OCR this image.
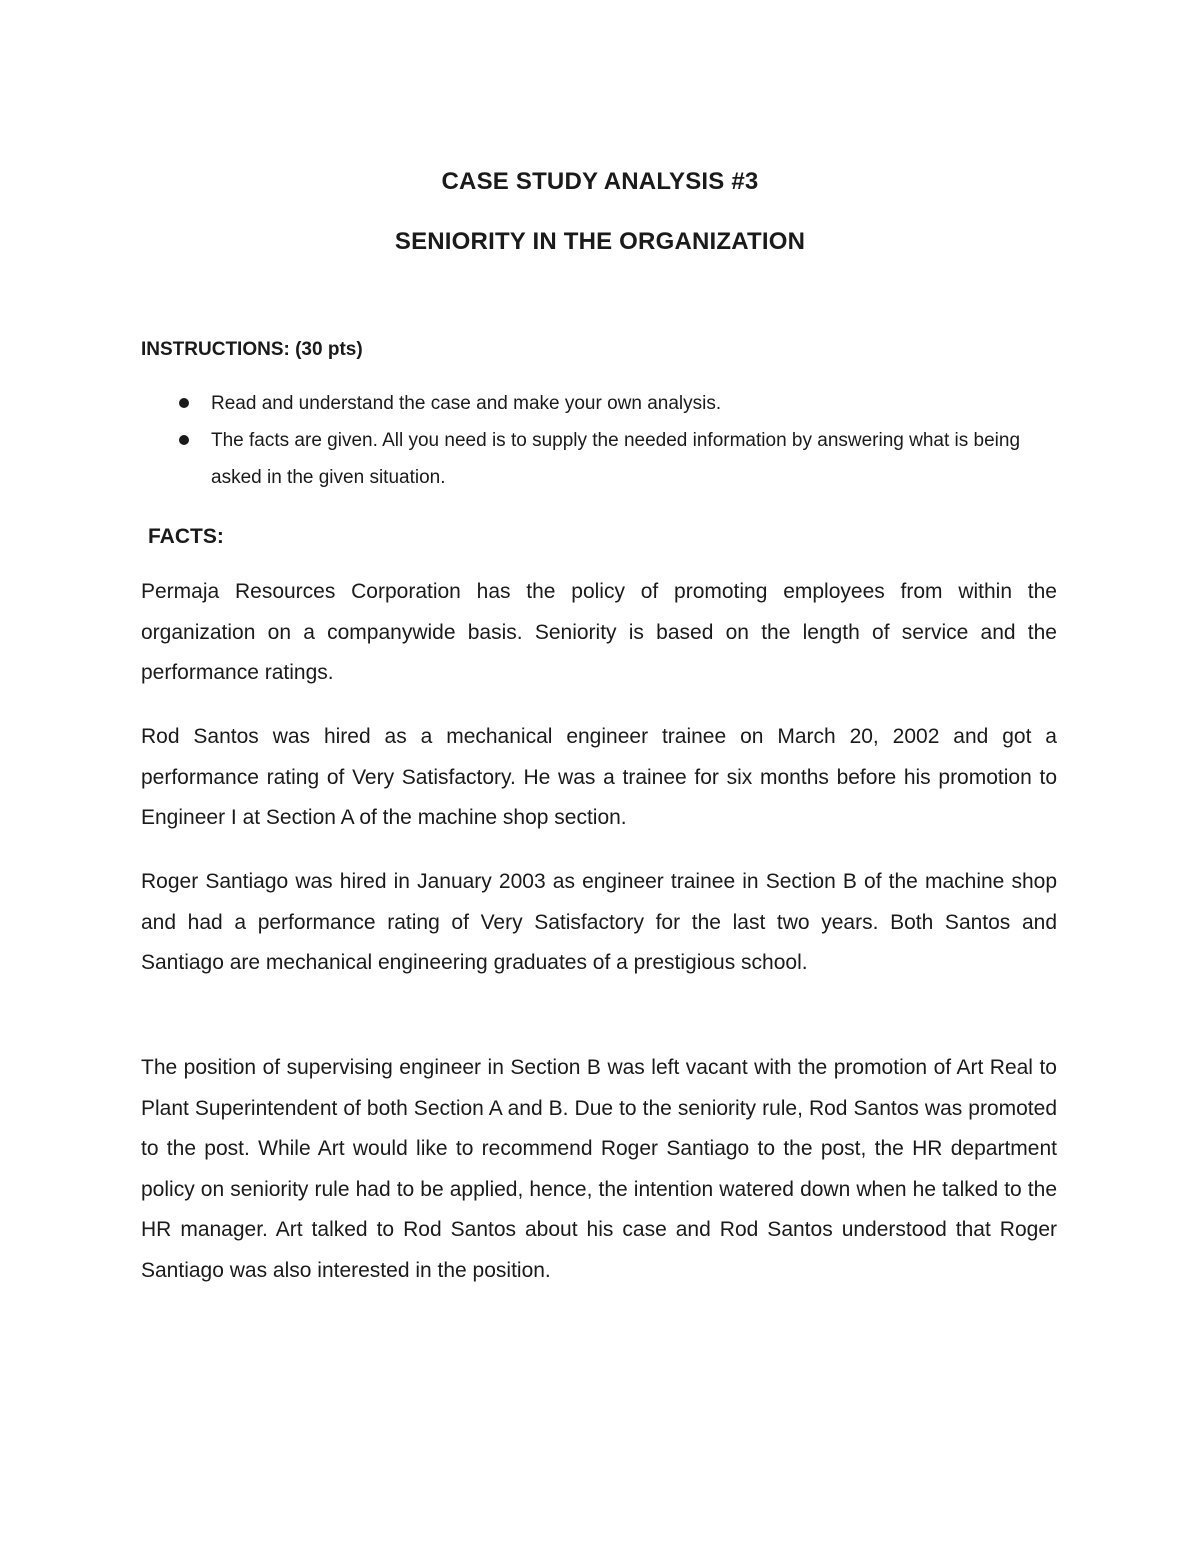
CASE STUDY ANALYSIS #3
SENIORITY IN THE ORGANIZATION

INSTRUCTIONS: (30 pts)

Read and understand the case and make your own analysis.
The facts are given. All you need is to supply the needed information by answering what is being asked in the given situation.

FACTS:

Permaja Resources Corporation has the policy of promoting employees from within the organization on a companywide basis. Seniority is based on the length of service and the performance ratings.

Rod Santos was hired as a mechanical engineer trainee on March 20, 2002 and got a performance rating of Very Satisfactory. He was a trainee for six months before his promotion to Engineer I at Section A of the machine shop section.

Roger Santiago was hired in January 2003 as engineer trainee in Section B of the machine shop and had a performance rating of Very Satisfactory for the last two years. Both Santos and Santiago are mechanical engineering graduates of a prestigious school.

The position of supervising engineer in Section B was left vacant with the promotion of Art Real to Plant Superintendent of both Section A and B. Due to the seniority rule, Rod Santos was promoted to the post. While Art would like to recommend Roger Santiago to the post, the HR department policy on seniority rule had to be applied, hence, the intention watered down when he talked to the HR manager. Art talked to Rod Santos about his case and Rod Santos understood that Roger Santiago was also interested in the position.
